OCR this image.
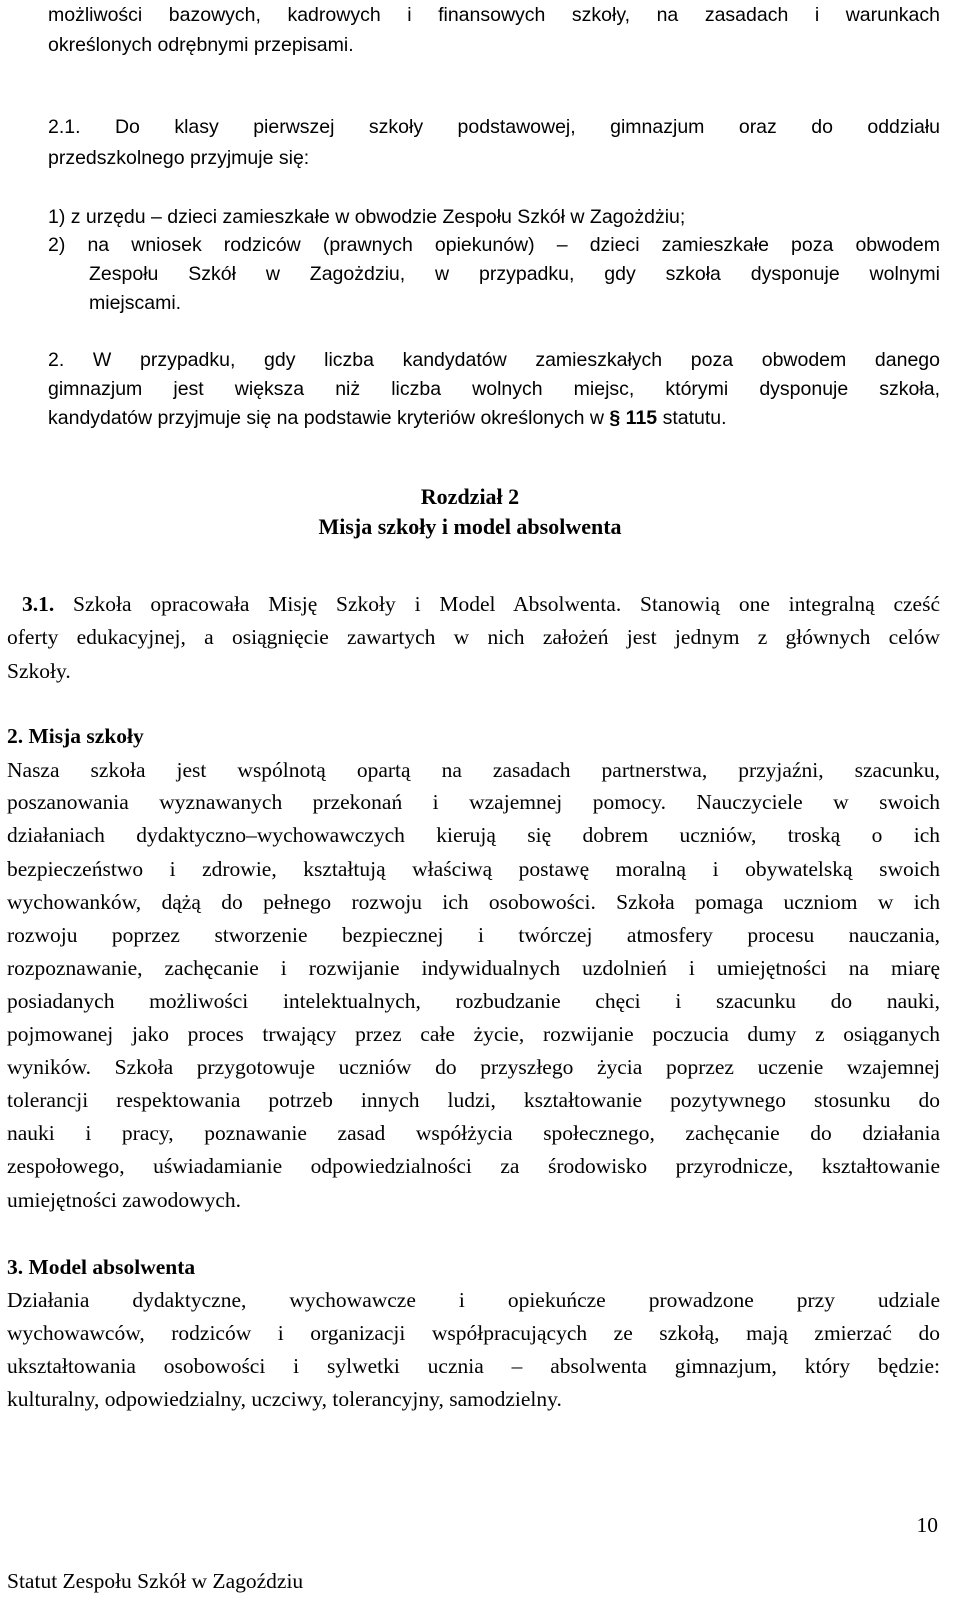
możliwości bazowych, kadrowych i finansowych szkoły, na zasadach i warunkach
określonych odrębnymi przepisami.
2.1. Do klasy pierwszej szkoły podstawowej, gimnazjum oraz do oddziału
przedszkolnego przyjmuje się:
1) z urzędu – dzieci zamieszkałe w obwodzie Zespołu Szkół w Zagożdżiu;
2) na wniosek rodziców (prawnych opiekunów) – dzieci zamieszkałe poza obwodem
Zespołu Szkół w Zagożdziu, w przypadku, gdy szkoła dysponuje wolnymi
miejscami.
2. W przypadku, gdy liczba kandydatów zamieszkałych poza obwodem danego
gimnazjum jest większa niż liczba wolnych miejsc, którymi dysponuje szkoła,
kandydatów przyjmuje się na podstawie kryteriów określonych w § 115 statutu.
Rozdział 2
Misja szkoły i model absolwenta
3.1. Szkoła opracowała Misję Szkoły i Model Absolwenta. Stanowią one integralną cześć
oferty edukacyjnej, a osiągnięcie zawartych w nich założeń jest jednym z głównych celów
Szkoły.
2. Misja szkoły
Nasza szkoła jest wspólnotą opartą na zasadach partnerstwa, przyjaźni, szacunku,
poszanowania wyznawanych przekonań i wzajemnej pomocy. Nauczyciele w swoich
działaniach dydaktyczno–wychowawczych kierują się dobrem uczniów, troską o ich
bezpieczeństwo i zdrowie, kształtują właściwą postawę moralną i obywatelską swoich
wychowanków, dążą do pełnego rozwoju ich osobowości. Szkoła pomaga uczniom w ich
rozwoju poprzez stworzenie bezpiecznej i twórczej atmosfery procesu nauczania,
rozpoznawanie, zachęcanie i rozwijanie indywidualnych uzdolnień i umiejętności na miarę
posiadanych możliwości intelektualnych, rozbudzanie chęci i szacunku do nauki,
pojmowanej jako proces trwający przez całe życie, rozwijanie poczucia dumy z osiąganych
wyników. Szkoła przygotowuje uczniów do przyszłego życia poprzez uczenie wzajemnej
tolerancji respektowania potrzeb innych ludzi, kształtowanie pozytywnego stosunku do
nauki i pracy, poznawanie zasad współżycia społecznego, zachęcanie do działania
zespołowego, uświadamianie odpowiedzialności za środowisko przyrodnicze, kształtowanie
umiejętności zawodowych.
3. Model absolwenta
Działania dydaktyczne, wychowawcze i opiekuńcze prowadzone przy udziale
wychowawców, rodziców i organizacji współpracujących ze szkołą, mają zmierzać do
ukształtowania osobowości i sylwetki ucznia – absolwenta gimnazjum, który będzie:
kulturalny, odpowiedzialny, uczciwy, tolerancyjny, samodzielny.
10
Statut Zespołu Szkół w Zagoździu
